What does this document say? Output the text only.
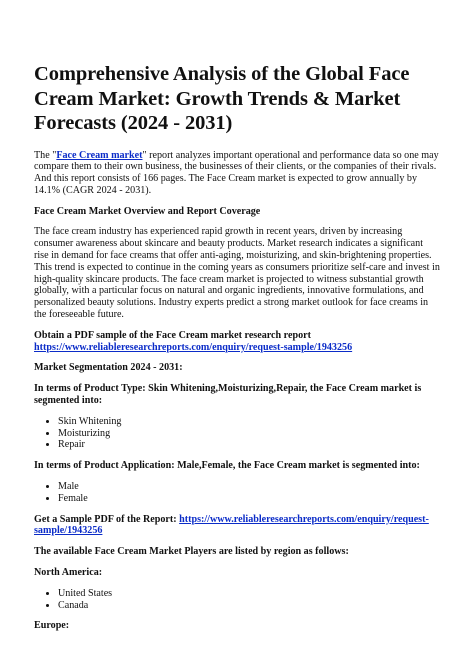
Comprehensive Analysis of the Global Face Cream Market: Growth Trends & Market Forecasts (2024 - 2031)

The "Face Cream market" report analyzes important operational and performance data so one may compare them to their own business, the businesses of their clients, or the companies of their rivals. And this report consists of 166 pages. The Face Cream market is expected to grow annually by 14.1% (CAGR 2024 - 2031).

Face Cream Market Overview and Report Coverage

The face cream industry has experienced rapid growth in recent years, driven by increasing consumer awareness about skincare and beauty products. Market research indicates a significant rise in demand for face creams that offer anti-aging, moisturizing, and skin-brightening properties. This trend is expected to continue in the coming years as consumers prioritize self-care and invest in high-quality skincare products. The face cream market is projected to witness substantial growth globally, with a particular focus on natural and organic ingredients, innovative formulations, and personalized beauty solutions. Industry experts predict a strong market outlook for face creams in the foreseeable future.

Obtain a PDF sample of the Face Cream market research report https://www.reliableresearchreports.com/enquiry/request-sample/1943256

Market Segmentation 2024 - 2031:

In terms of Product Type: Skin Whitening,Moisturizing,Repair, the Face Cream market is segmented into:

• Skin Whitening
• Moisturizing
• Repair

In terms of Product Application: Male,Female, the Face Cream market is segmented into:

• Male
• Female

Get a Sample PDF of the Report: https://www.reliableresearchreports.com/enquiry/request-sample/1943256

The available Face Cream Market Players are listed by region as follows:

North America:

• United States
• Canada

Europe:
